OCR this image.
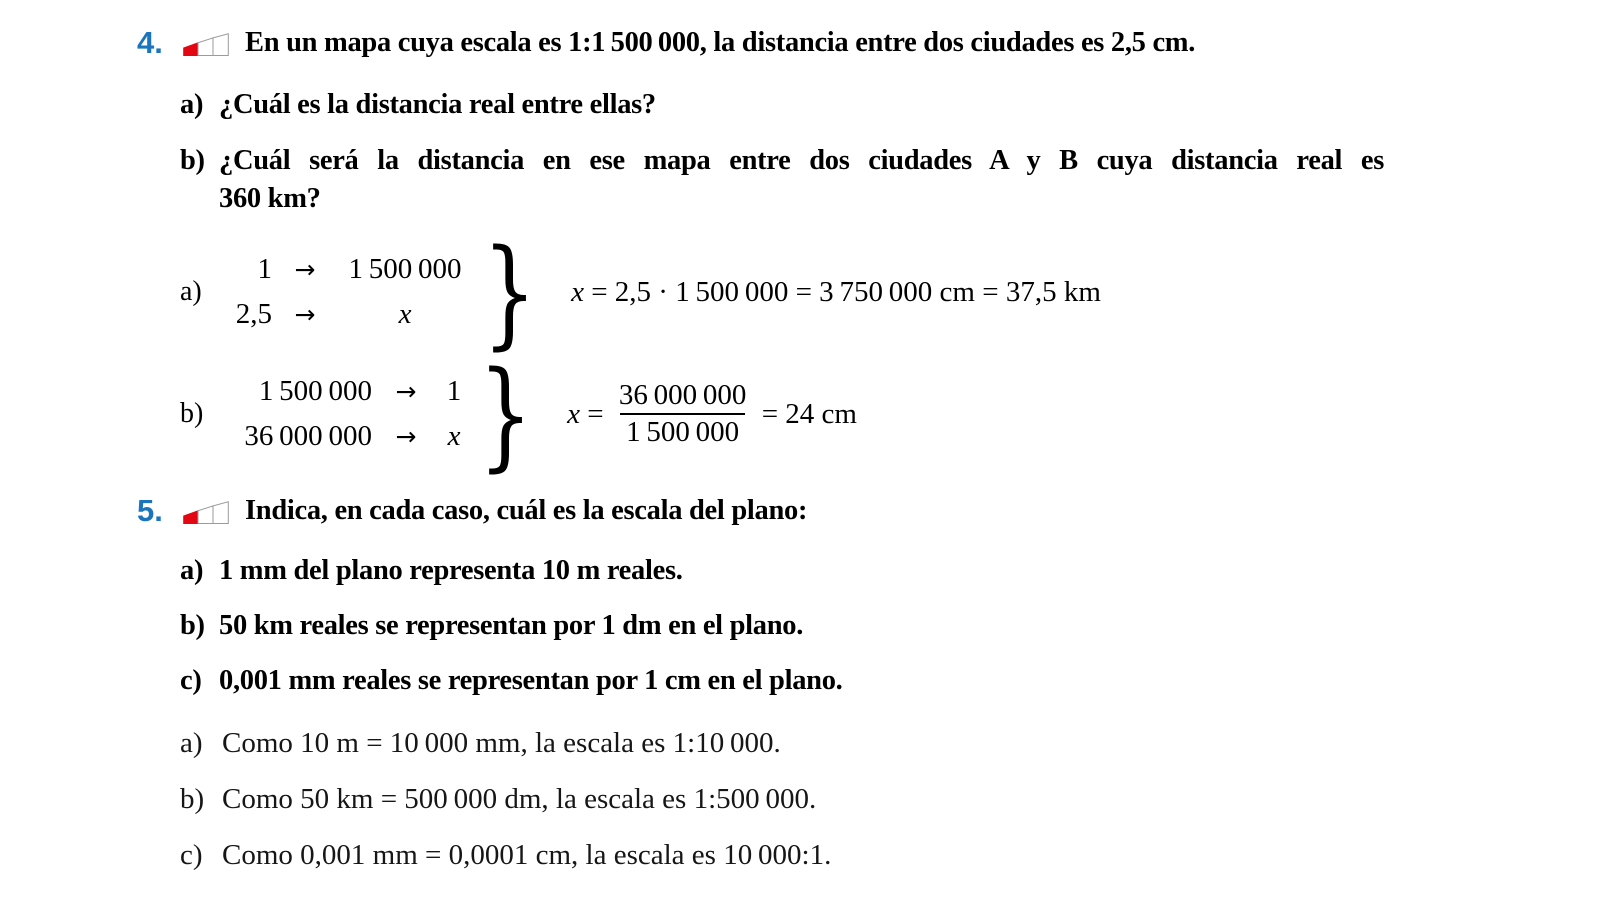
4.	En un mapa cuya escala es 1:1 500 000, la distancia entre dos ciudades es 2,5 cm.
a) ¿Cuál es la distancia real entre ellas?
b) ¿Cuál será la distancia en ese mapa entre dos ciudades A y B cuya distancia real es
360 km?
a)
1 →	1 500 000
2,5 →	x } x = 2,5 · 1 500 000 = 3 750 000 cm = 37,5 km
b)
1 500 000 →	1
36 000 000 →	x } $x = \frac{36 000 000}{1 500 000} = 24$ cm
5.	Indica, en cada caso, cuál es la escala del plano:
a) 1 mm del plano representa 10 m reales.
b) 50 km reales se representan por 1 dm en el plano.
c) 0,001 mm reales se representan por 1 cm en el plano.
a) Como 10 m = 10 000 mm, la escala es 1:10 000.
b) Como 50 km = 500 000 dm, la escala es 1:500 000.
c) Como 0,001 mm = 0,0001 cm, la escala es 10 000:1.
